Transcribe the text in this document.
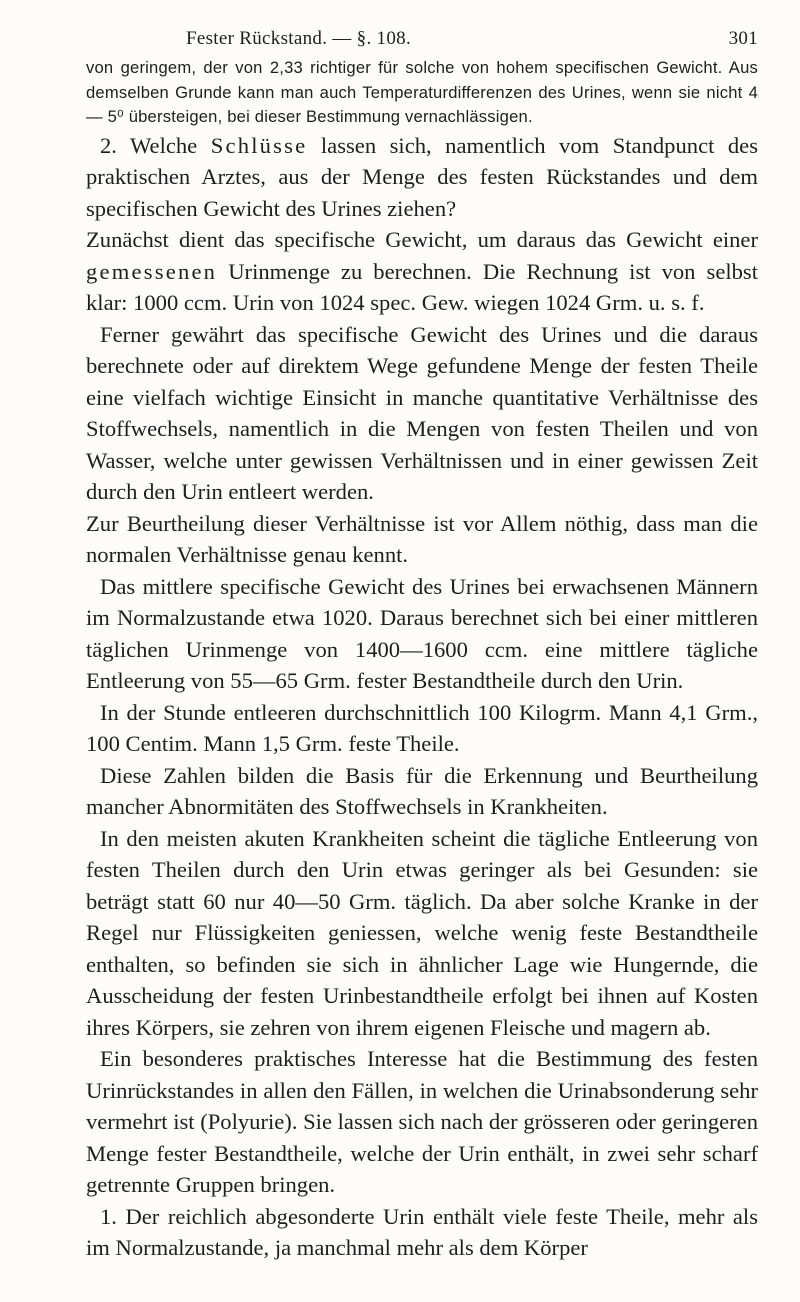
Fester Rückstand. — §. 108.	301

von geringem, der von 2,33 richtiger für solche von hohem specifischen Gewicht. Aus demselben Grunde kann man auch Temperaturdifferenzen des Urines, wenn sie nicht 4 — 5⁰ übersteigen, bei dieser Bestimmung vernachlässigen.

2. Welche Schlüsse lassen sich, namentlich vom Standpunct des praktischen Arztes, aus der Menge des festen Rückstandes und dem specifischen Gewicht des Urines ziehen?

Zunächst dient das specifische Gewicht, um daraus das Gewicht einer gemessenen Urinmenge zu berechnen. Die Rechnung ist von selbst klar: 1000 ccm. Urin von 1024 spec. Gew. wiegen 1024 Grm. u. s. f.

Ferner gewährt das specifische Gewicht des Urines und die daraus berechnete oder auf direktem Wege gefundene Menge der festen Theile eine vielfach wichtige Einsicht in manche quantitative Verhältnisse des Stoffwechsels, namentlich in die Mengen von festen Theilen und von Wasser, welche unter gewissen Verhältnissen und in einer gewissen Zeit durch den Urin entleert werden.

Zur Beurtheilung dieser Verhältnisse ist vor Allem nöthig, dass man die normalen Verhältnisse genau kennt.

Das mittlere specifische Gewicht des Urines bei erwachsenen Männern im Normalzustande etwa 1020. Daraus berechnet sich bei einer mittleren täglichen Urinmenge von 1400—1600 ccm. eine mittlere tägliche Entleerung von 55—65 Grm. fester Bestandtheile durch den Urin.

In der Stunde entleeren durchschnittlich 100 Kilogrm. Mann 4,1 Grm., 100 Centim. Mann 1,5 Grm. feste Theile.

Diese Zahlen bilden die Basis für die Erkennung und Beurtheilung mancher Abnormitäten des Stoffwechsels in Krankheiten.

In den meisten akuten Krankheiten scheint die tägliche Entleerung von festen Theilen durch den Urin etwas geringer als bei Gesunden: sie beträgt statt 60 nur 40—50 Grm. täglich. Da aber solche Kranke in der Regel nur Flüssigkeiten geniessen, welche wenig feste Bestandtheile enthalten, so befinden sie sich in ähnlicher Lage wie Hungernde, die Ausscheidung der festen Urinbestandtheile erfolgt bei ihnen auf Kosten ihres Körpers, sie zehren von ihrem eigenen Fleische und magern ab.

Ein besonderes praktisches Interesse hat die Bestimmung des festen Urinrückstandes in allen den Fällen, in welchen die Urinabsonderung sehr vermehrt ist (Polyurie). Sie lassen sich nach der grösseren oder geringeren Menge fester Bestandtheile, welche der Urin enthält, in zwei sehr scharf getrennte Gruppen bringen.

1. Der reichlich abgesonderte Urin enthält viele feste Theile, mehr als im Normalzustande, ja manchmal mehr als dem Körper
